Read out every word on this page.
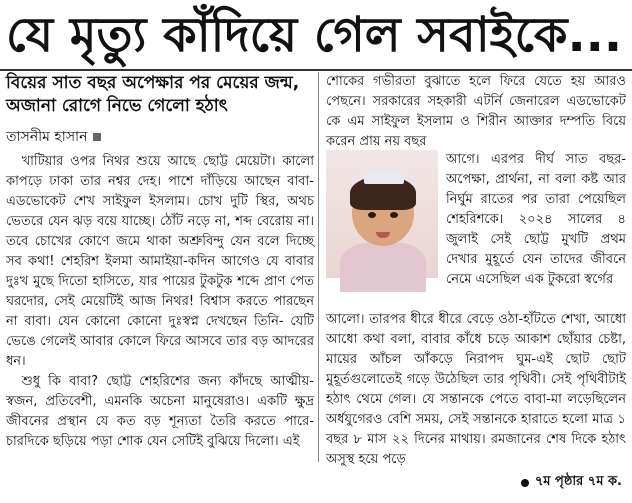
যে মৃত্যু কাঁদিয়ে গেল সবাইকে...
বিয়ের সাত বছর অপেক্ষার পর মেয়ের জন্ম, অজানা রোগে নিভে গেলো হঠাৎ
তাসনীম হাসান

খাটিয়ার ওপর নিথর শুয়ে আছে ছোট্ট মেয়েটা। কালো কাপড়ে ঢাকা তার নশ্বর দেহ। পাশে দাঁড়িয়ে আছেন বাবা-এডভোকেট শেখ সাইফুল ইসলাম। চোখ দুটি স্থির, অথচ ভেতরে যেন ঝড় বয়ে যাচ্ছে। ঠোঁট নড়ে না, শব্দ বেরোয় না। তবে চোখের কোণে জমে থাকা অশ্রুবিন্দু যেন বলে দিচ্ছে সব কথা! শেহরিশ ইলমা আমাইয়া-কদিন আগেও যে বাবার দুঃখ মুছে দিতো হাসিতে, যার পায়ের টুকটুক শব্দে প্রাণ পেত ঘরদোর, সেই মেয়েটিই আজ নিথর! বিশ্বাস করতে পারছেন না বাবা। যেন কোনো কোনো দুঃস্বপ্ন দেখছেন তিনি- যেটি ভেঙে গেলেই আবার কোলে ফিরে আসবে তার বড় আদরের ধন।

শুধু কি বাবা? ছোট্ট শেহরিশের জন্য কাঁদছে আত্মীয়-স্বজন, প্রতিবেশী, এমনকি অচেনা মানুষেরাও। একটি ক্ষুদ্র জীবনের প্রস্থান যে কত বড় শূন্যতা তৈরি করতে পারে-চারদিকে ছড়িয়ে পড়া শোক যেন সেটিই বুঝিয়ে দিলো। এই

শোকের গভীরতা বুঝাতে হলে ফিরে যেতে হয় আরও পেছনে। সরকারের সহকারী এটর্নি জেনারেল এডভোকেট কে এম সাইফুল ইসলাম ও শিরীন আক্তার দম্পতি বিয়ে করেন প্রায় নয় বছর

আগে। এরপর দীর্ঘ সাত বছর-অপেক্ষা, প্রার্থনা, না বলা কষ্ট আর নির্ঘুম রাতের পর তারা পেয়েছিল শেহরিশকে। ২০২৪ সালের ৪ জুলাই সেই ছোট্ট মুখটি প্রথম দেখার মুহূর্তে যেন তাদের জীবনে নেমে এসেছিল এক টুকরো স্বর্গের

আলো। তারপর ধীরে ধীরে বেড়ে ওঠা-হাঁটতে শেখা, আধো আধো কথা বলা, বাবার কাঁধে চড়ে আকাশ ছোঁয়ার চেষ্টা, মায়ের আঁচল আঁকড়ে নিরাপদ ঘুম-এই ছোট ছোট মুহূর্তগুলোতেই গড়ে উঠেছিল তার পৃথিবী। সেই পৃথিবীটাই হঠাৎ থেমে গেল। যে সন্তানকে পেতে বাবা-মা লড়েছিলেন অর্ধযুগেরও বেশি সময়, সেই সন্তানকে হারাতে হলো মাত্র ১ বছর ৮ মাস ২২ দিনের মাথায়। রমজানের শেষ দিকে হঠাৎ অসুস্থ হয়ে পড়ে

৭ম পৃষ্ঠার ৭ম ক.
